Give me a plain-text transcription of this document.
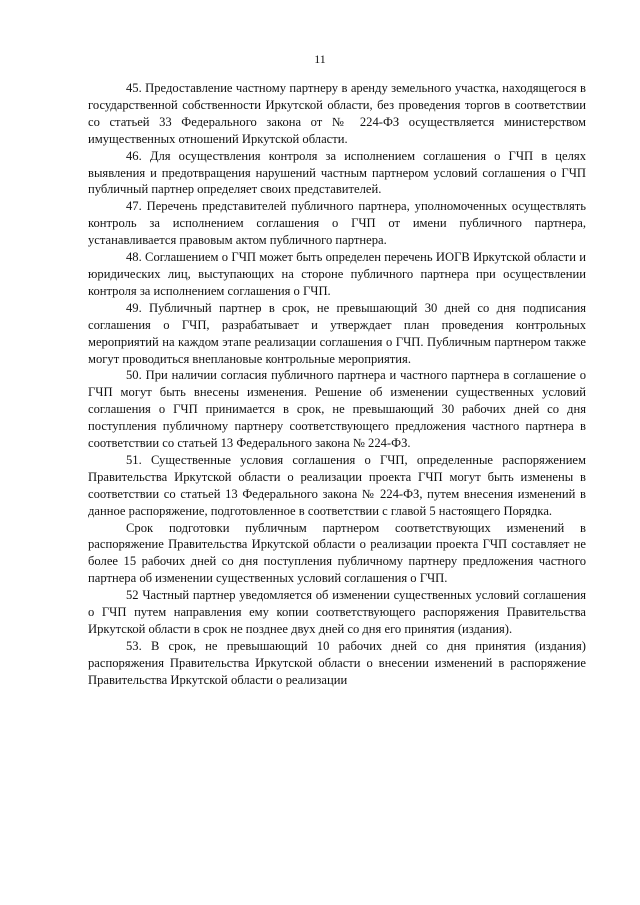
11

45. Предоставление частному партнеру в аренду земельного участка, находящегося в государственной собственности Иркутской области, без проведения торгов в соответствии со статьей 33 Федерального закона от № 224-ФЗ осуществляется министерством имущественных отношений Иркутской области.

46. Для осуществления контроля за исполнением соглашения о ГЧП в целях выявления и предотвращения нарушений частным партнером условий соглашения о ГЧП публичный партнер определяет своих представителей.

47. Перечень представителей публичного партнера, уполномоченных осуществлять контроль за исполнением соглашения о ГЧП от имени публичного партнера, устанавливается правовым актом публичного партнера.

48. Соглашением о ГЧП может быть определен перечень ИОГВ Иркутской области и юридических лиц, выступающих на стороне публичного партнера при осуществлении контроля за исполнением соглашения о ГЧП.

49. Публичный партнер в срок, не превышающий 30 дней со дня подписания соглашения о ГЧП, разрабатывает и утверждает план проведения контрольных мероприятий на каждом этапе реализации соглашения о ГЧП. Публичным партнером также могут проводиться внеплановые контрольные мероприятия.

50. При наличии согласия публичного партнера и частного партнера в соглашение о ГЧП могут быть внесены изменения. Решение об изменении существенных условий соглашения о ГЧП принимается в срок, не превышающий 30 рабочих дней со дня поступления публичному партнеру соответствующего предложения частного партнера в соответствии со статьей 13 Федерального закона № 224-ФЗ.

51. Существенные условия соглашения о ГЧП, определенные распоряжением Правительства Иркутской области о реализации проекта ГЧП могут быть изменены в соответствии со статьей 13 Федерального закона № 224-ФЗ, путем внесения изменений в данное распоряжение, подготовленное в соответствии с главой 5 настоящего Порядка.

Срок подготовки публичным партнером соответствующих изменений в распоряжение Правительства Иркутской области о реализации проекта ГЧП составляет не более 15 рабочих дней со дня поступления публичному партнеру предложения частного партнера об изменении существенных условий соглашения о ГЧП.

52 Частный партнер уведомляется об изменении существенных условий соглашения о ГЧП путем направления ему копии соответствующего распоряжения Правительства Иркутской области в срок не позднее двух дней со дня его принятия (издания).

53. В срок, не превышающий 10 рабочих дней со дня принятия (издания) распоряжения Правительства Иркутской области о внесении изменений в распоряжение Правительства Иркутской области о реализации
